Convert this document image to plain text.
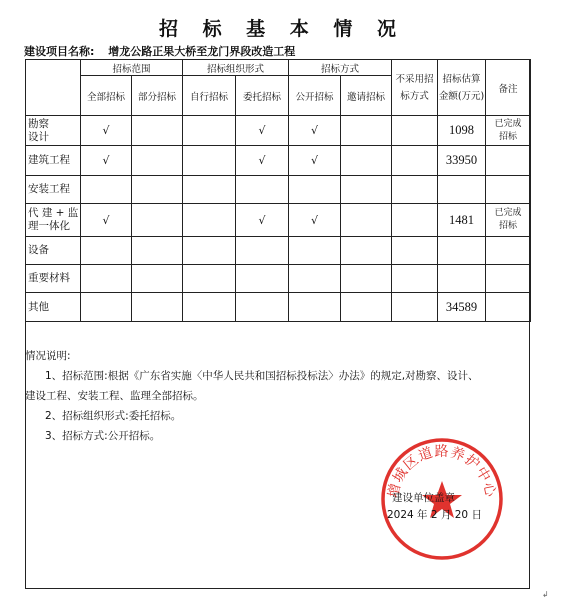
招 标 基 本 情 况
建设项目名称: 增龙公路正果大桥至龙门界段改造工程
	招标范围		招标组织形式		招标方式		不采用招标方式	招标估算金额(万元)	备注
	全部招标	部分招标	自行招标	委托招标	公开招标	邀请招标			
勘察
设计	√			√	√			1098	已完成
招标
建筑工程	√			√	√			33950	
安装工程									
代 建 + 监
理一体化	√			√	√			1481	已完成
招标
设备									
重要材料									
其他								34589	
情况说明:
1、招标范围:根据《广东省实施〈中华人民共和国招标投标法〉办法》的规定,对勘察、设计、
建设工程、安装工程、监理全部招标。
2、招标组织形式:委托招标。
3、招标方式:公开招标。
增城区道路养护中心
建设单位盖章
2024 年 2 月 20 日
↲
